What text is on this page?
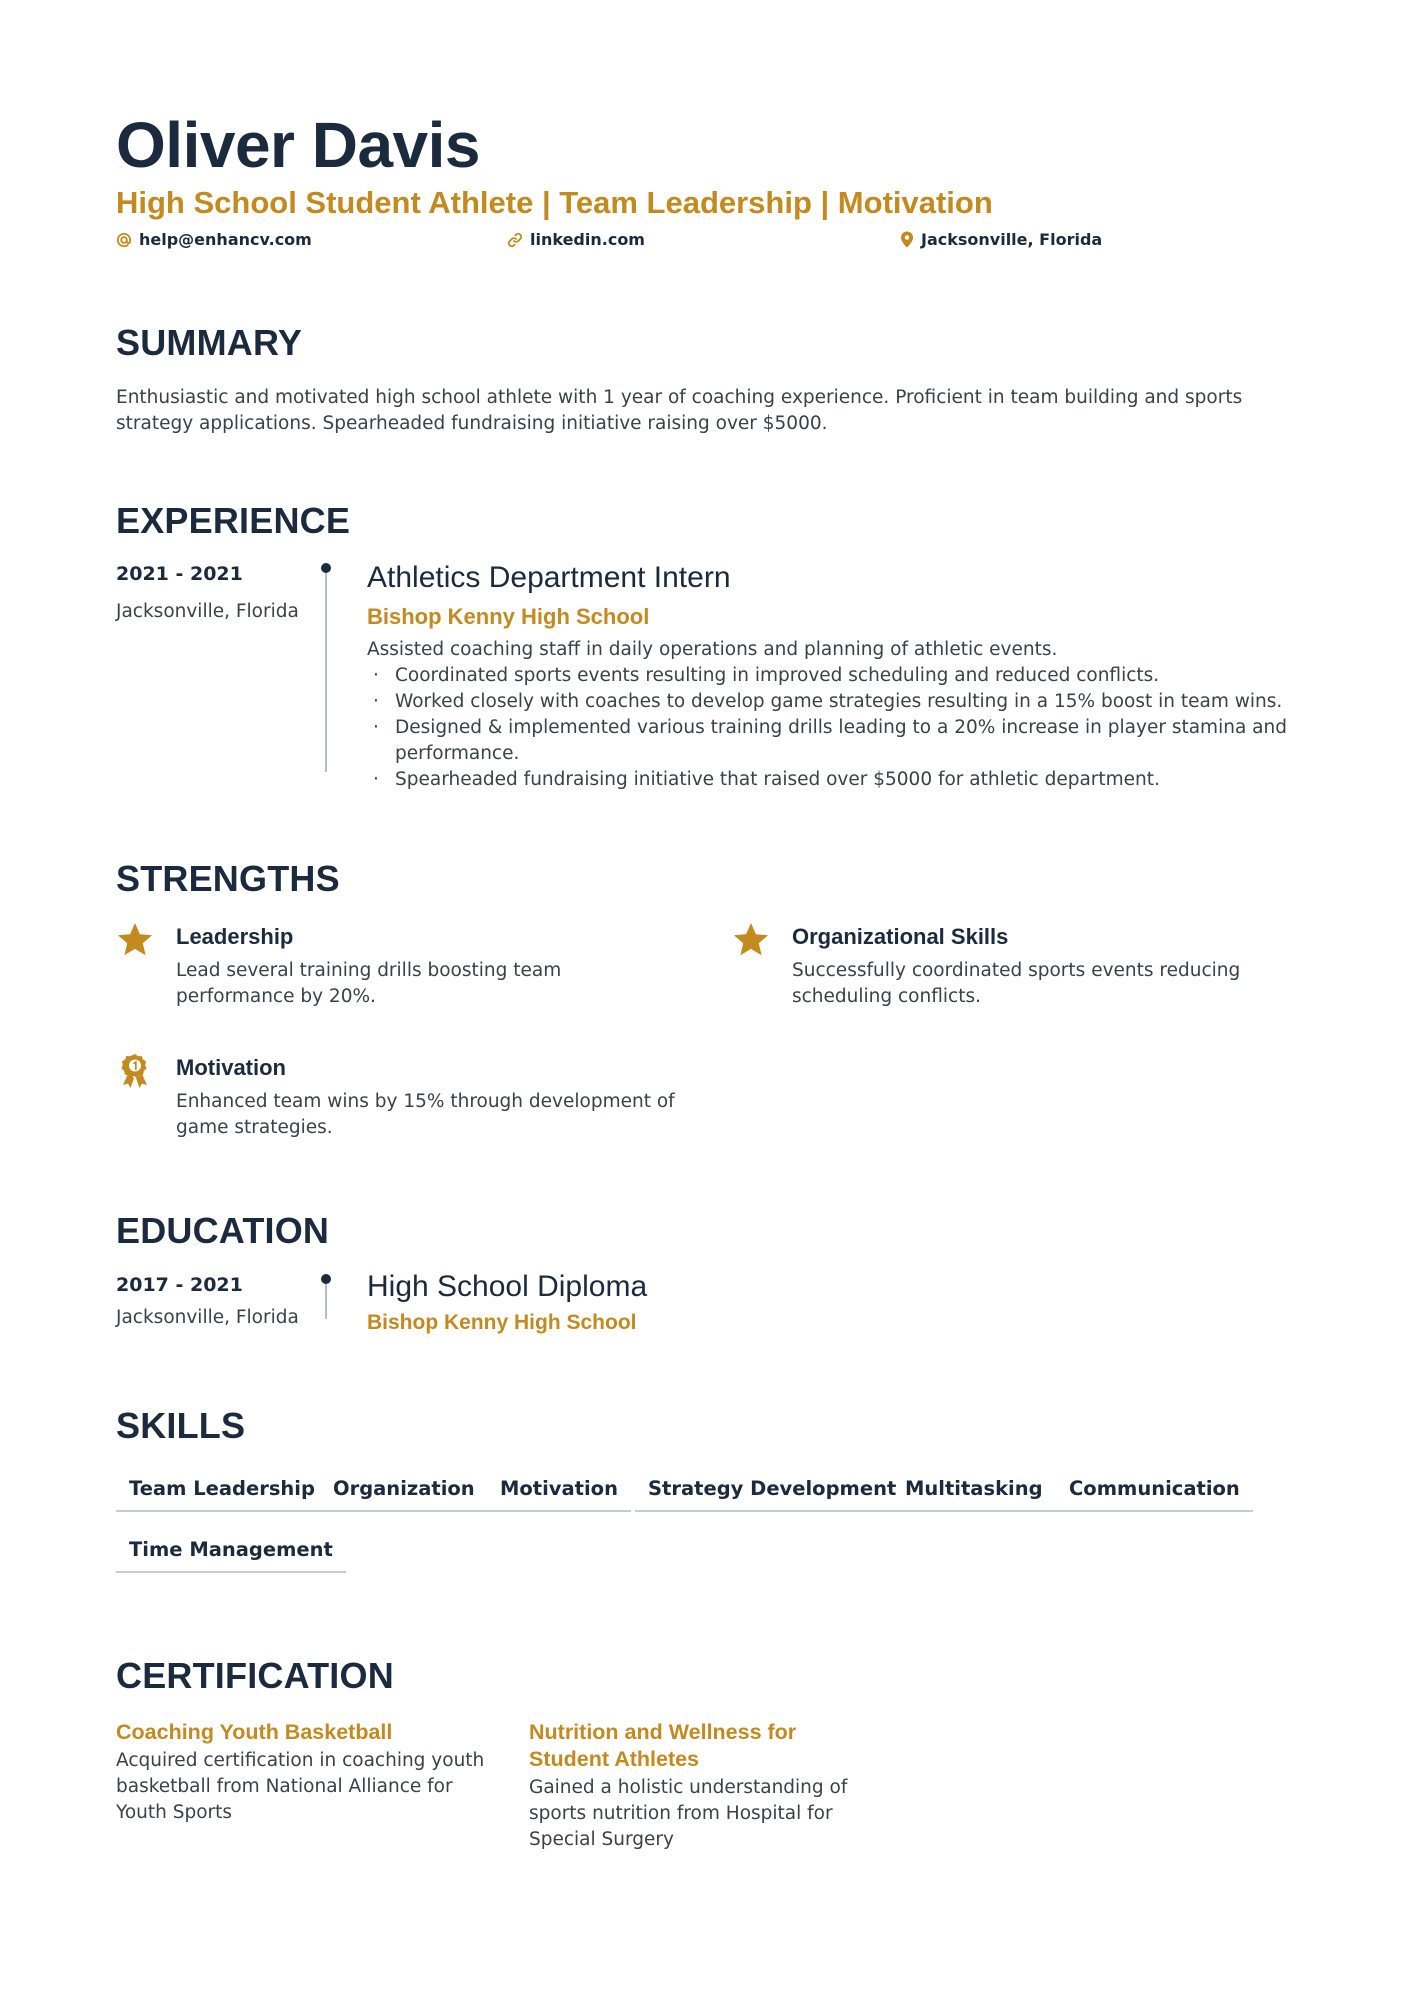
Oliver Davis
High School Student Athlete | Team Leadership | Motivation
help@enhancv.com	linkedin.com	Jacksonville, Florida
SUMMARY
Enthusiastic and motivated high school athlete with 1 year of coaching experience. Proficient in team building and sports strategy applications. Spearheaded fundraising initiative raising over $5000.
EXPERIENCE
2021 - 2021
Jacksonville, Florida
Athletics Department Intern
Bishop Kenny High School
Assisted coaching staff in daily operations and planning of athletic events.
· Coordinated sports events resulting in improved scheduling and reduced conflicts.
· Worked closely with coaches to develop game strategies resulting in a 15% boost in team wins.
· Designed & implemented various training drills leading to a 20% increase in player stamina and performance.
· Spearheaded fundraising initiative that raised over $5000 for athletic department.
STRENGTHS
Leadership
Lead several training drills boosting team performance by 20%.
Organizational Skills
Successfully coordinated sports events reducing scheduling conflicts.
Motivation
Enhanced team wins by 15% through development of game strategies.
EDUCATION
2017 - 2021
Jacksonville, Florida
High School Diploma
Bishop Kenny High School
SKILLS
Team Leadership Organization	Motivation	Strategy Development Multitasking	Communication
Time Management
CERTIFICATION
Coaching Youth Basketball
Acquired certification in coaching youth basketball from National Alliance for Youth Sports
Nutrition and Wellness for Student Athletes
Gained a holistic understanding of sports nutrition from Hospital for Special Surgery
